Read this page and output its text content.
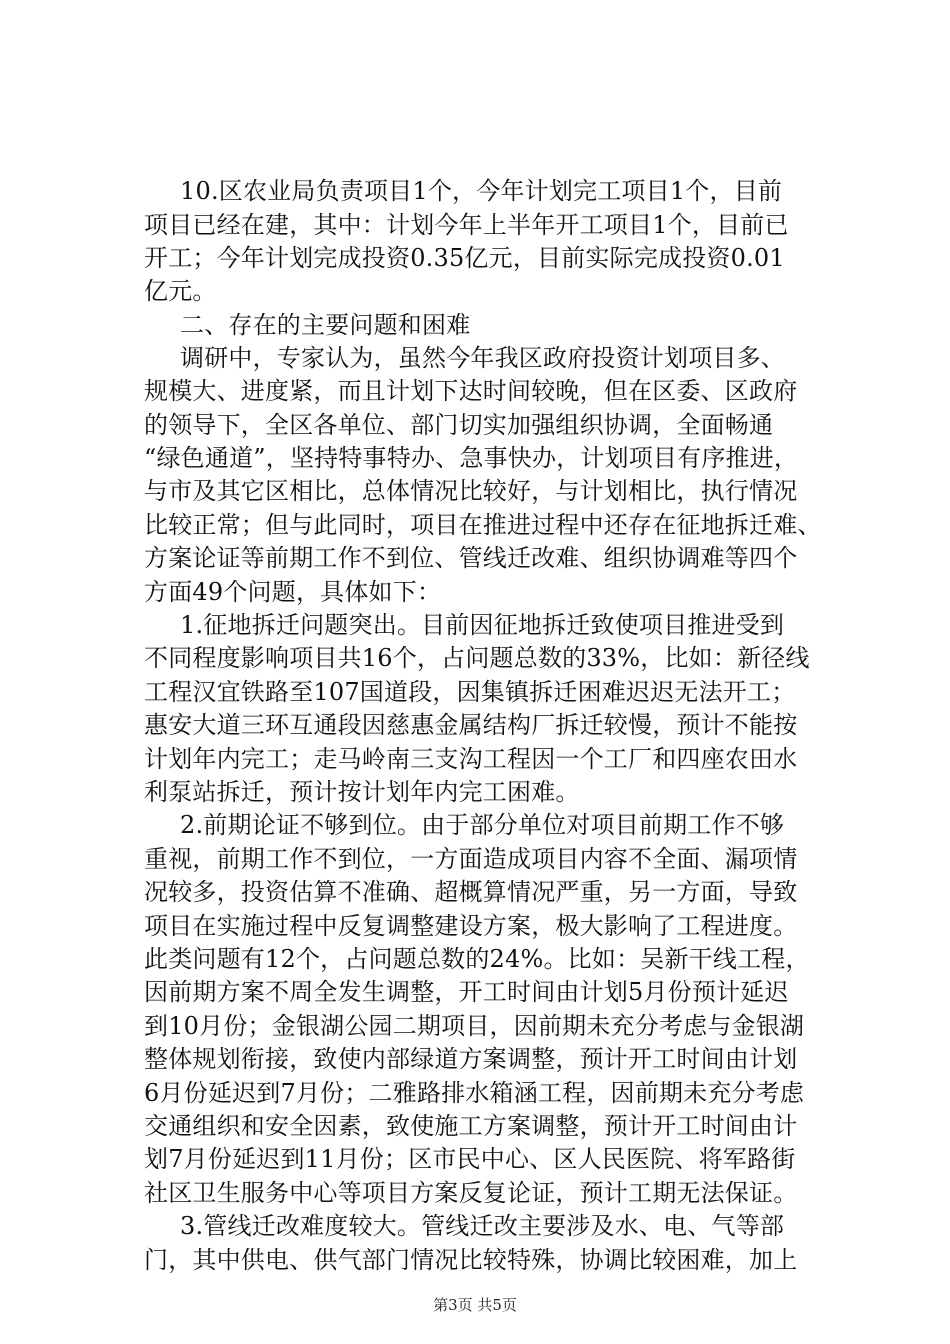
10.区农业局负责项目1个，今年计划完工项目1个，目前
项目已经在建，其中：计划今年上半年开工项目1个，目前已
开工；今年计划完成投资0.35亿元，目前实际完成投资0.01
亿元。
二、存在的主要问题和困难
调研中，专家认为，虽然今年我区政府投资计划项目多、
规模大、进度紧，而且计划下达时间较晚，但在区委、区政府
的领导下，全区各单位、部门切实加强组织协调，全面畅通
“绿色通道”，坚持特事特办、急事快办，计划项目有序推进，
与市及其它区相比，总体情况比较好，与计划相比，执行情况
比较正常；但与此同时，项目在推进过程中还存在征地拆迁难、
方案论证等前期工作不到位、管线迁改难、组织协调难等四个
方面49个问题，具体如下：
1.征地拆迁问题突出。目前因征地拆迁致使项目推进受到
不同程度影响项目共16个，占问题总数的33%，比如：新径线
工程汉宜铁路至107国道段，因集镇拆迁困难迟迟无法开工；
惠安大道三环互通段因慈惠金属结构厂拆迁较慢，预计不能按
计划年内完工；走马岭南三支沟工程因一个工厂和四座农田水
利泵站拆迁，预计按计划年内完工困难。
2.前期论证不够到位。由于部分单位对项目前期工作不够
重视，前期工作不到位，一方面造成项目内容不全面、漏项情
况较多，投资估算不准确、超概算情况严重，另一方面，导致
项目在实施过程中反复调整建设方案，极大影响了工程进度。
此类问题有12个，占问题总数的24%。比如：吴新干线工程，
因前期方案不周全发生调整，开工时间由计划5月份预计延迟
到10月份；金银湖公园二期项目，因前期未充分考虑与金银湖
整体规划衔接，致使内部绿道方案调整，预计开工时间由计划
6月份延迟到7月份；二雅路排水箱涵工程，因前期未充分考虑
交通组织和安全因素，致使施工方案调整，预计开工时间由计
划7月份延迟到11月份；区市民中心、区人民医院、将军路街
社区卫生服务中心等项目方案反复论证，预计工期无法保证。
3.管线迁改难度较大。管线迁改主要涉及水、电、气等部
门，其中供电、供气部门情况比较特殊，协调比较困难，加上
第3页 共5页
